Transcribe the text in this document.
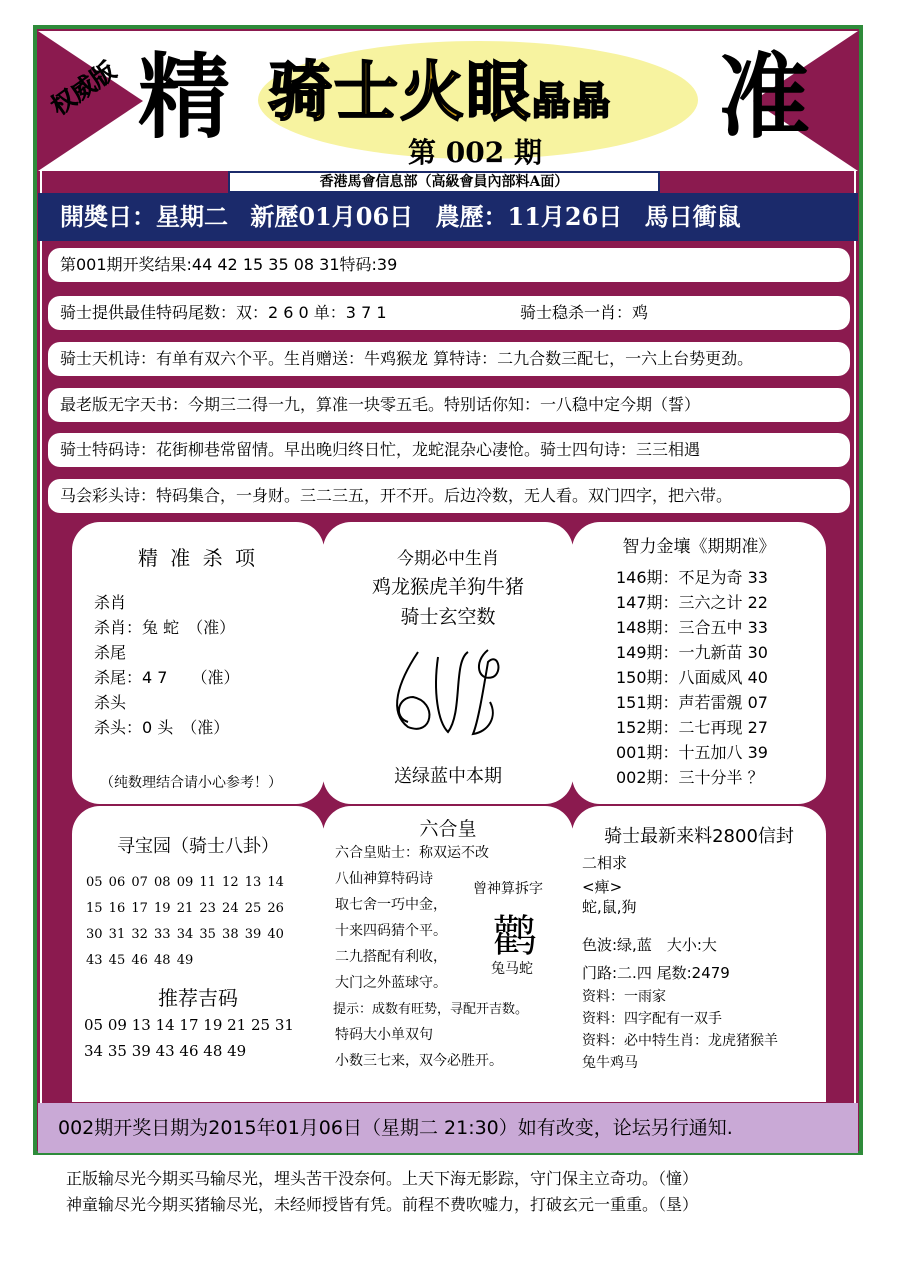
权威版 精 骑士火眼晶晶
第 002 期
准
香港馬會信息部（高級會員內部料A面）
開奬日：星期二 新歷01月06日 農歷：11月26日 馬日衝鼠
第001期开奖结果:44 42 15 35 08 31特码:39
骑士提供最佳特码尾数：双：2 6 0 单：3 7 1	骑士稳杀一肖：鸡
骑士天机诗：有单有双六个平。生肖赠送：牛鸡猴龙 算特诗：二九合数三配七，一六上台势更劲。
最老版无字天书：今期三二得一九，算准一块零五毛。特别话你知：一八稳中定今期（誓）
骑士特码诗：花街柳巷常留情。早出晚归终日忙，龙蛇混杂心凄怆。骑士四句诗：三三相遇
马会彩头诗：特码集合，一身财。三二三五，开不开。后边冷数，无人看。双门四字，把六带。
精 准 杀 项
杀肖
杀肖：兔 蛇　（准）
杀尾
杀尾：4 7　　（准）
杀头
杀头：0 头　（准）
（纯数理结合请小心参考！）
今期必中生肖
鸡龙猴虎羊狗牛猪
骑士玄空数
送绿蓝中本期
智力金壤《期期准》
146期：不足为奇 33
147期：三六之计 22
148期：三合五中 33
149期：一九新苗 30
150期：八面威风 40
151期：声若雷覫 07
152期：二七再现 27
001期：十五加八 39
002期：三十分半 ？
寻宝园（骑士八卦）
05 06 07 08 09 11 12 13 14 15 16 17 19 21 23 24 25 26 30 31 32 33 34 35 38 39 40 43 45 46 48 49
推荐吉码
05 09 13 14 17 19 21 25 31 34 35 39 43 46 48 49
六合皇
六合皇贴士：称双运不改
八仙神算特码诗
取七舍一巧中金，
十来四码猜个平。
二九搭配有利收，
大门之外蓝球守。
提示：成数有旺势，寻配开吉数。
特码大小单双句
小数三七来，双今必胜开。
曾神算拆字
鹳
兔马蛇
骑士最新来料2800信封
二相求
<痺>
蛇,鼠,狗
色波:绿,蓝　大小:大
门路:二.四 尾数:2479
资料：一雨家
资料：四字配有一双手
资料：必中特生肖：龙虎猪猴羊
兔牛鸡马
002期开奖日期为2015年01月06日（星期二 21:30）如有改变，论坛另行通知.
正版输尽光今期买马输尽光，埋头苦干没奈何。上天下海无影踪，守门保主立奇功。（憧）
神童输尽光今期买猪输尽光，未经师授皆有凭。前程不费吹嘘力，打破玄元一重重。（垦）
